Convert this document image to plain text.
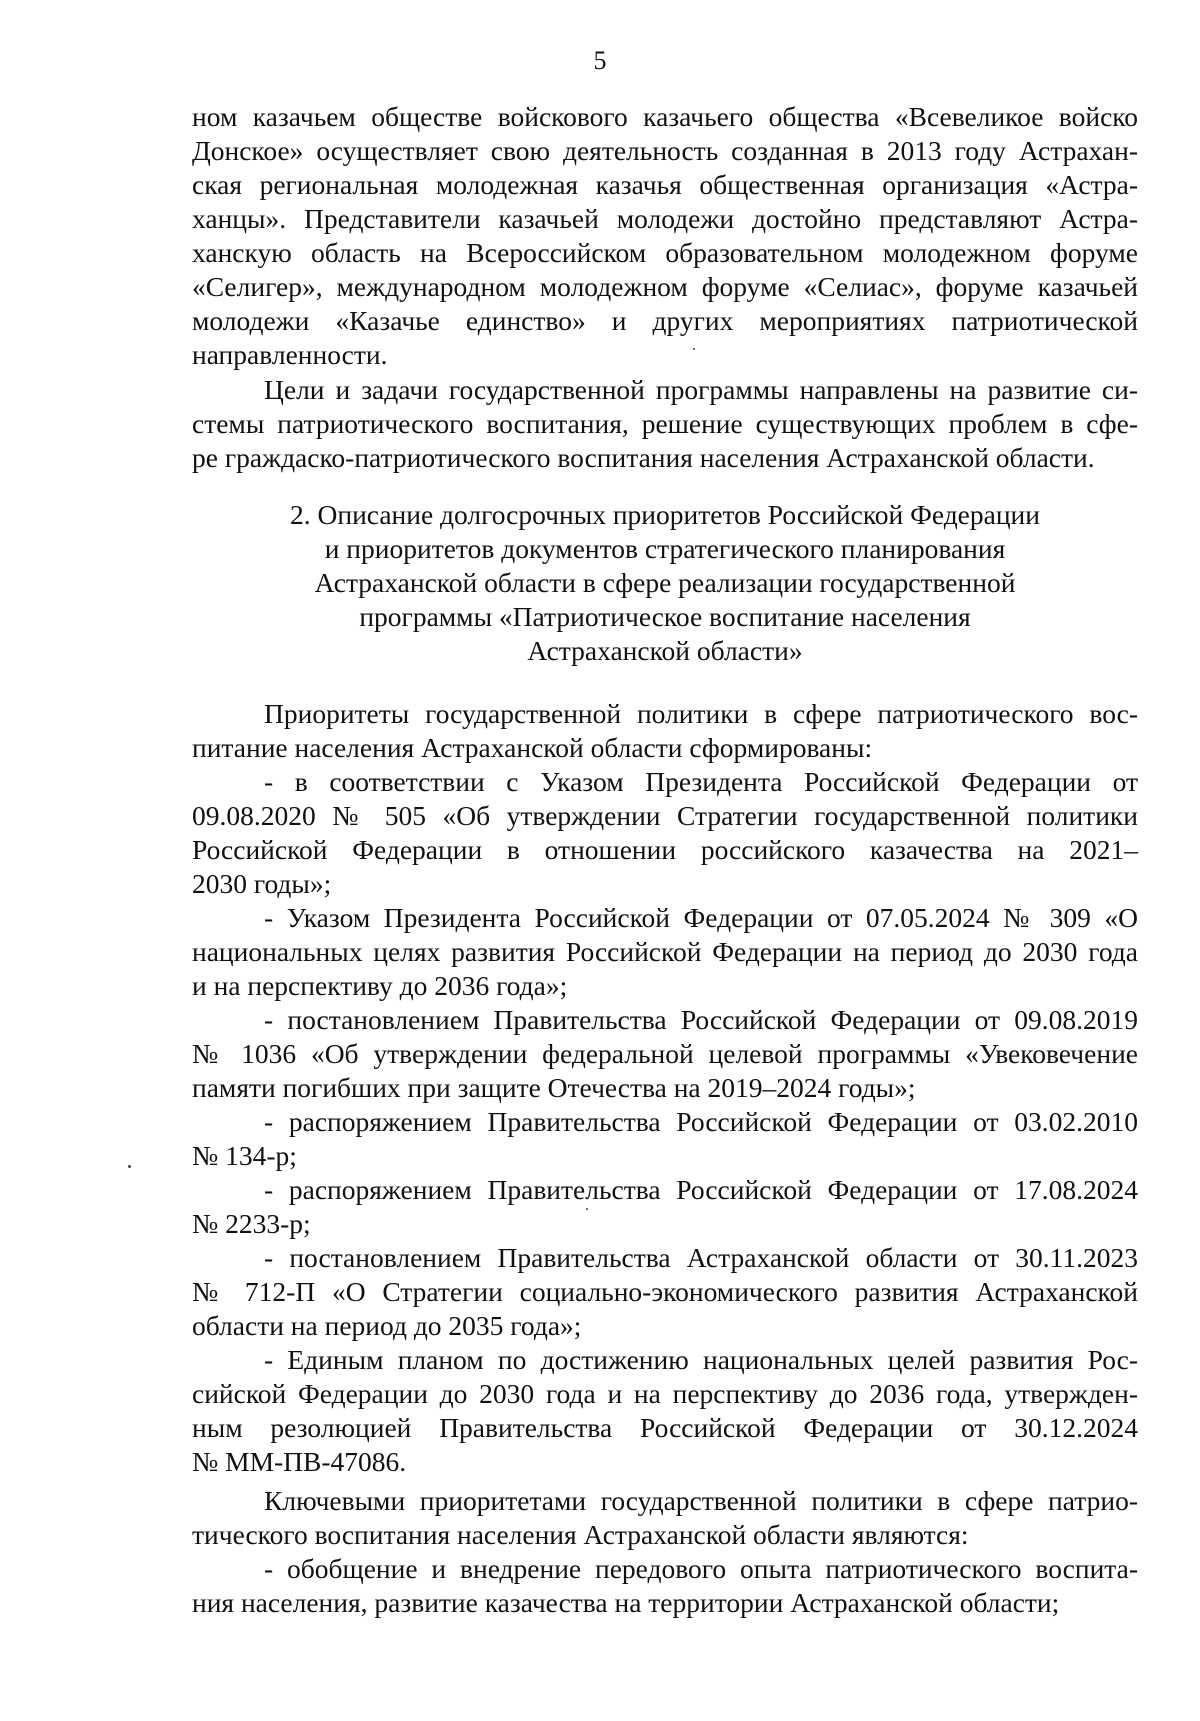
5
ном казачьем обществе войскового казачьего общества «Всевеликое войско
Донское» осуществляет свою деятельность созданная в 2013 году Астрахан-
ская региональная молодежная казачья общественная организация «Астра-
ханцы». Представители казачьей молодежи достойно представляют Астра-
ханскую область на Всероссийском образовательном молодежном форуме
«Селигер», международном молодежном форуме «Селиас», форуме казачьей
молодежи «Казачье единство» и других мероприятиях патриотической
направленности.
Цели и задачи государственной программы направлены на развитие си-
стемы патриотического воспитания, решение существующих проблем в сфе-
ре граждаско-патриотического воспитания населения Астраханской области.
2. Описание долгосрочных приоритетов Российской Федерации
и приоритетов документов стратегического планирования
Астраханской области в сфере реализации государственной
программы «Патриотическое воспитание населения
Астраханской области»
Приоритеты государственной политики в сфере патриотического вос-
питание населения Астраханской области сформированы:
- в соответствии с Указом Президента Российской Федерации от
09.08.2020 № 505 «Об утверждении Стратегии государственной политики
Российской Федерации в отношении российского казачества на 2021–
2030 годы»;
- Указом Президента Российской Федерации от 07.05.2024 № 309 «О
национальных целях развития Российской Федерации на период до 2030 года
и на перспективу до 2036 года»;
- постановлением Правительства Российской Федерации от 09.08.2019
№ 1036 «Об утверждении федеральной целевой программы «Увековечение
памяти погибших при защите Отечества на 2019–2024 годы»;
- распоряжением Правительства Российской Федерации от 03.02.2010
№ 134-р;
- распоряжением Правительства Российской Федерации от 17.08.2024
№ 2233-р;
- постановлением Правительства Астраханской области от 30.11.2023
№ 712-П «О Стратегии социально-экономического развития Астраханской
области на период до 2035 года»;
- Единым планом по достижению национальных целей развития Рос-
сийской Федерации до 2030 года и на перспективу до 2036 года, утвержден-
ным резолюцией Правительства Российской Федерации от 30.12.2024
№ ММ-ПВ-47086.
Ключевыми приоритетами государственной политики в сфере патрио-
тического воспитания населения Астраханской области являются:
- обобщение и внедрение передового опыта патриотического воспита-
ния населения, развитие казачества на территории Астраханской области;
